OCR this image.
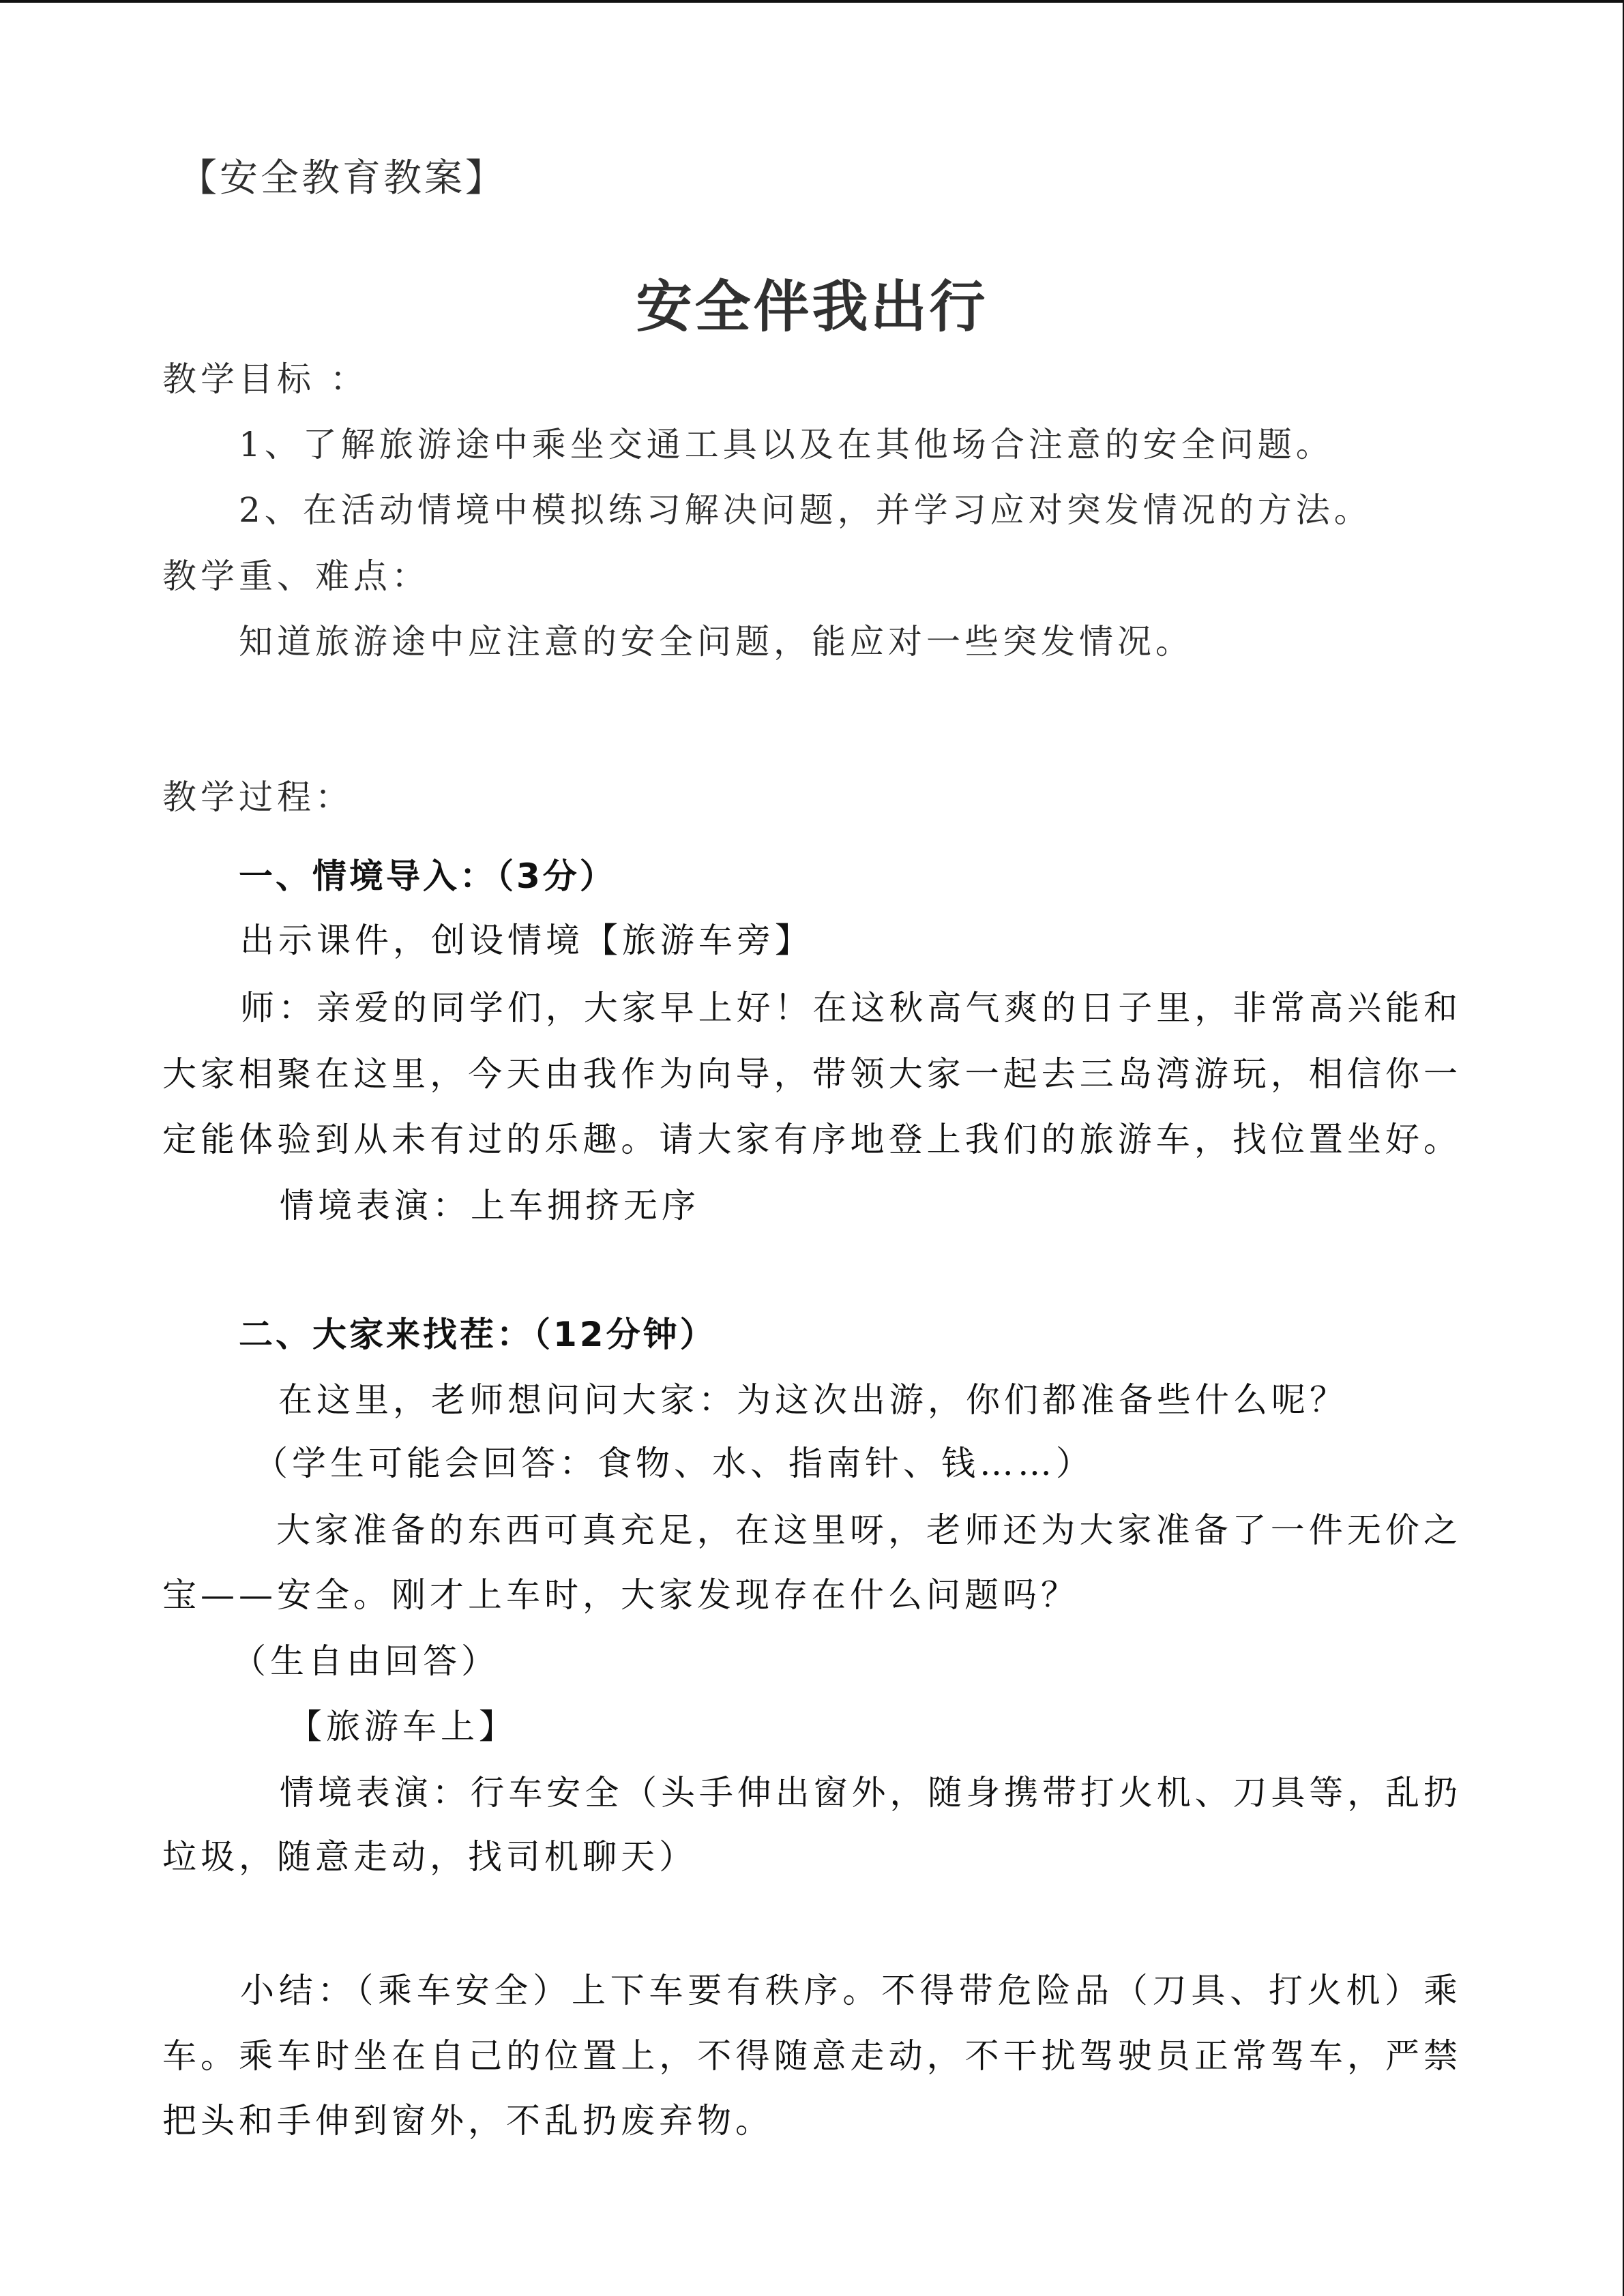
【安全教育教案】
安全伴我出行
教学目标 ：
1、了解旅游途中乘坐交通工具以及在其他场合注意的安全问题。
2、在活动情境中模拟练习解决问题，并学习应对突发情况的方法。
教学重、难点：
知道旅游途中应注意的安全问题，能应对一些突发情况。
教学过程：
一、情境导入：（3分）
出示课件，创设情境【旅游车旁】
师：亲爱的同学们，大家早上好！在这秋高气爽的日子里，非常高兴能和
大家相聚在这里，今天由我作为向导，带领大家一起去三岛湾游玩，相信你一
定能体验到从未有过的乐趣。请大家有序地登上我们的旅游车，找位置坐好。
情境表演：上车拥挤无序
二、大家来找茬：（12分钟）
在这里，老师想问问大家：为这次出游，你们都准备些什么呢？
（学生可能会回答：食物、水、指南针、钱……）
大家准备的东西可真充足，在这里呀，老师还为大家准备了一件无价之
宝——安全。刚才上车时，大家发现存在什么问题吗？
（生自由回答）
【旅游车上】
情境表演：行车安全（头手伸出窗外，随身携带打火机、刀具等，乱扔
垃圾，随意走动，找司机聊天）
小结：（乘车安全）上下车要有秩序。不得带危险品（刀具、打火机）乘
车。乘车时坐在自己的位置上，不得随意走动，不干扰驾驶员正常驾车，严禁
把头和手伸到窗外，不乱扔废弃物。
